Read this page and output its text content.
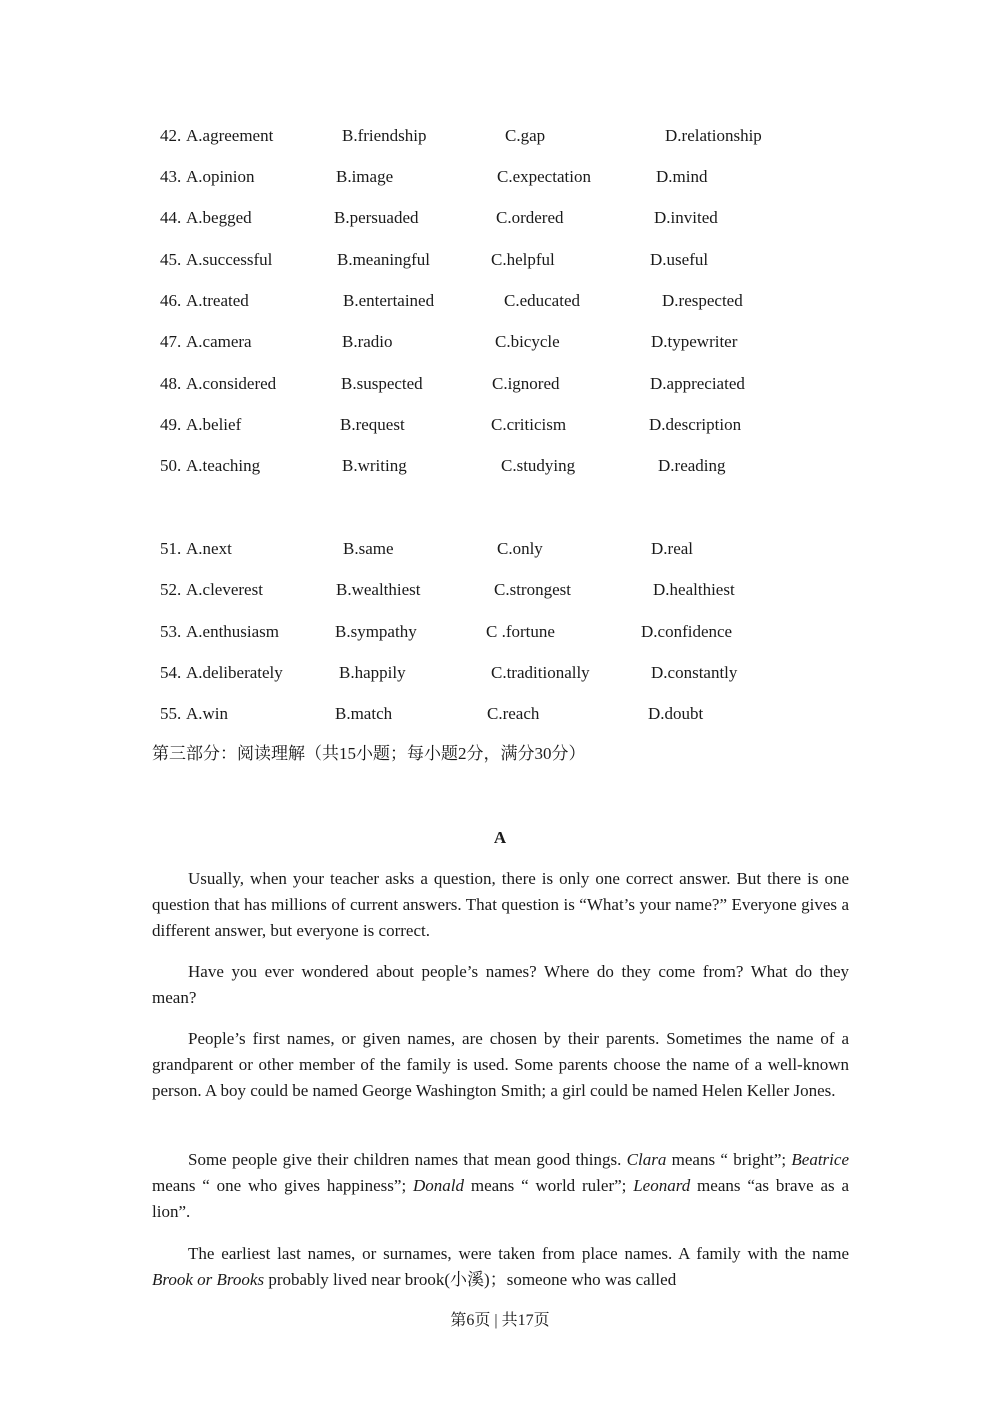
42. A.agreement	B.friendship	C.gap	D.relationship
43. A.opinion	B.image	C.expectation	D.mind
44. A.begged	B.persuaded	C.ordered	D.invited
45. A.successful	B.meaningful	C.helpful	D.useful
46. A.treated	B.entertained	C.educated	D.respected
47. A.camera	B.radio	C.bicycle	D.typewriter
48. A.considered	B.suspected	C.ignored	D.appreciated
49. A.belief	B.request	C.criticism	D.description
50. A.teaching	B.writing	C.studying	D.reading
51. A.next	B.same	C.only	D.real
52. A.cleverest	B.wealthiest	C.strongest	D.healthiest
53. A.enthusiasm	B.sympathy	C .fortune	D.confidence
54. A.deliberately	B.happily	C.traditionally	D.constantly
55. A.win	B.match	C.reach	D.doubt
第三部分：阅读理解（共15小题；每小题2分，满分30分）
A

Usually, when your teacher asks a question, there is only one correct answer. But there is one question that has millions of current answers. That question is “What’s your name?” Everyone gives a different answer, but everyone is correct.

Have you ever wondered about people’s names? Where do they come from? What do they mean?

People’s first names, or given names, are chosen by their parents. Sometimes the name of a grandparent or other member of the family is used. Some parents choose the name of a well-known person. A boy could be named George Washington Smith; a girl could be named Helen Keller Jones.

Some people give their children names that mean good things. Clara means “ bright”; Beatrice means “ one who gives happiness”; Donald means “ world ruler”; Leonard means “as brave as a lion”.

The earliest last names, or surnames, were taken from place names. A family with the name Brook or Brooks probably lived near brook(小溪)；someone who was called

第6页 | 共17页
